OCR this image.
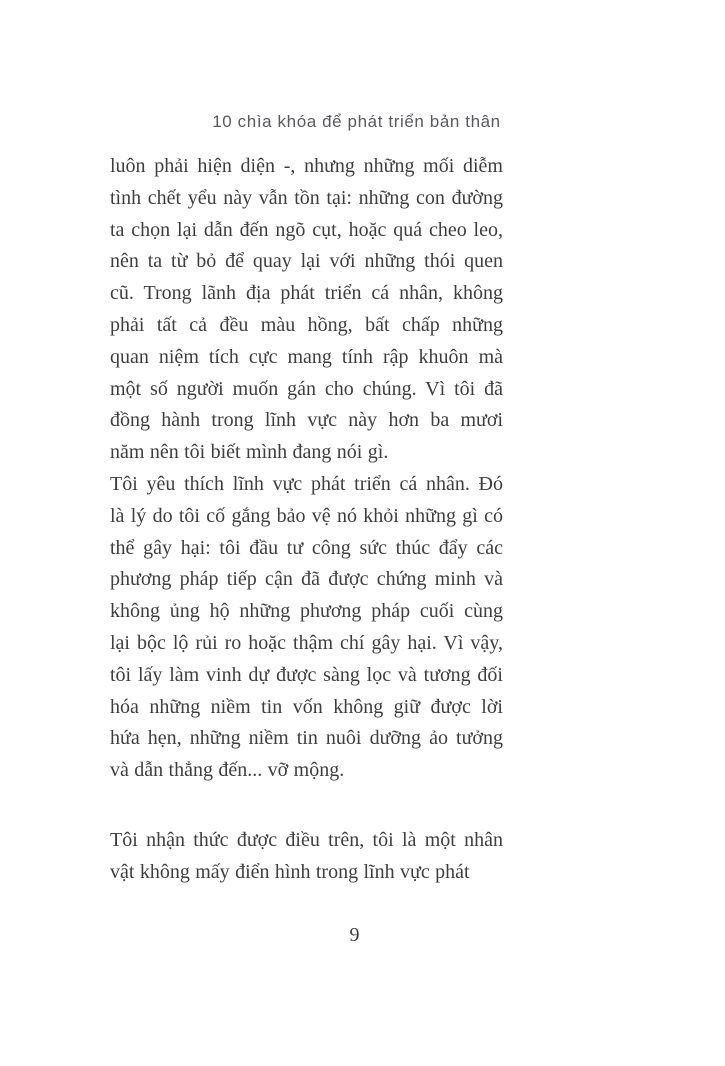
10 chìa khóa để phát triển bản thân
luôn phải hiện diện -, nhưng những mối diễm
tình chết yểu này vẫn tồn tại: những con đường
ta chọn lại dẫn đến ngõ cụt, hoặc quá cheo leo,
nên ta từ bỏ để quay lại với những thói quen
cũ. Trong lãnh địa phát triển cá nhân, không
phải tất cả đều màu hồng, bất chấp những
quan niệm tích cực mang tính rập khuôn mà
một số người muốn gán cho chúng. Vì tôi đã
đồng hành trong lĩnh vực này hơn ba mươi
năm nên tôi biết mình đang nói gì.
Tôi yêu thích lĩnh vực phát triển cá nhân. Đó
là lý do tôi cố gắng bảo vệ nó khỏi những gì có
thể gây hại: tôi đầu tư công sức thúc đẩy các
phương pháp tiếp cận đã được chứng minh và
không ủng hộ những phương pháp cuối cùng
lại bộc lộ rủi ro hoặc thậm chí gây hại. Vì vậy,
tôi lấy làm vinh dự được sàng lọc và tương đối
hóa những niềm tin vốn không giữ được lời
hứa hẹn, những niềm tin nuôi dưỡng ảo tưởng
và dẫn thẳng đến... vỡ mộng.
Tôi nhận thức được điều trên, tôi là một nhân
vật không mấy điển hình trong lĩnh vực phát
9
